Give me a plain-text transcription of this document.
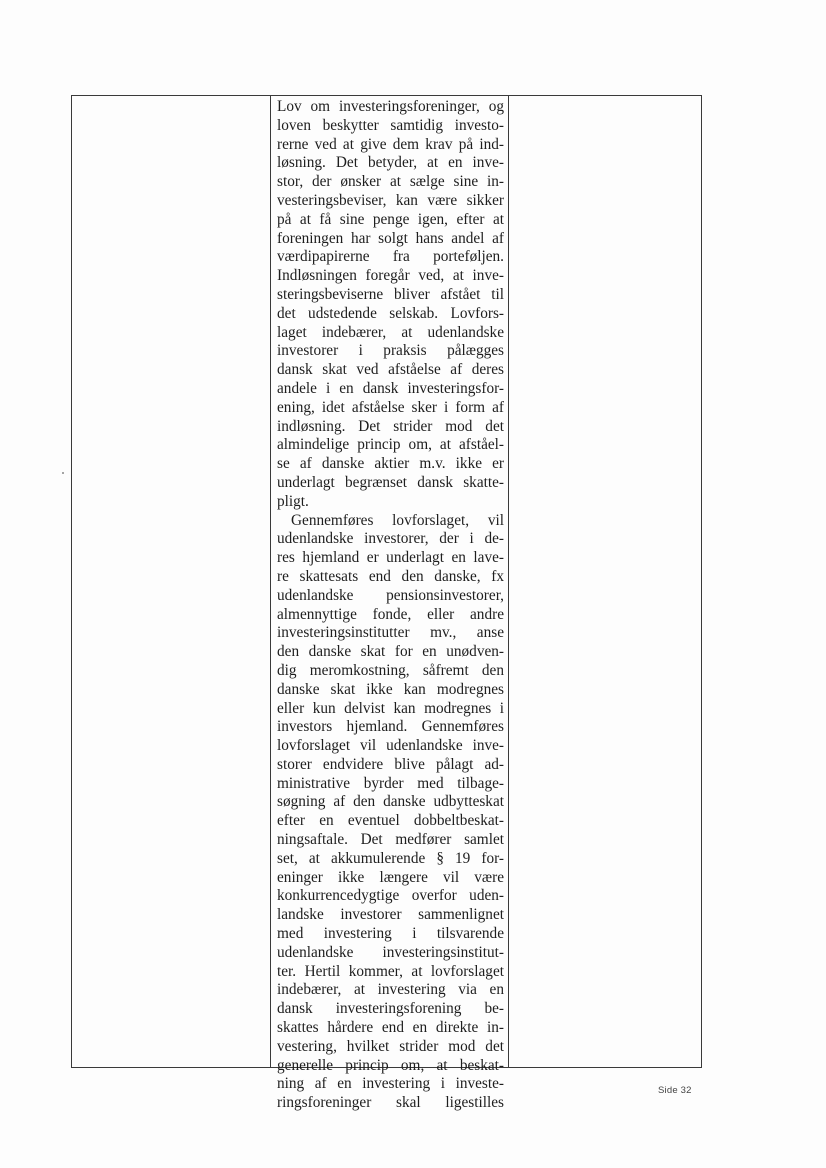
Lov om investeringsforeninger, og
loven beskytter samtidig investo-
rerne ved at give dem krav på ind-
løsning. Det betyder, at en inve-
stor, der ønsker at sælge sine in-
vesteringsbeviser, kan være sikker
på at få sine penge igen, efter at
foreningen har solgt hans andel af
værdipapirerne fra porteføljen.
Indløsningen foregår ved, at inve-
steringsbeviserne bliver afstået til
det udstedende selskab. Lovfors-
laget indebærer, at udenlandske
investorer i praksis pålægges
dansk skat ved afståelse af deres
andele i en dansk investeringsfor-
ening, idet afståelse sker i form af
indløsning. Det strider mod det
almindelige princip om, at afståel-
se af danske aktier m.v. ikke er
underlagt begrænset dansk skatte-
pligt.
Gennemføres lovforslaget, vil
udenlandske investorer, der i de-
res hjemland er underlagt en lave-
re skattesats end den danske, fx
udenlandske pensionsinvestorer,
almennyttige fonde, eller andre
investeringsinstitutter mv., anse
den danske skat for en unødven-
dig meromkostning, såfremt den
danske skat ikke kan modregnes
eller kun delvist kan modregnes i
investors hjemland. Gennemføres
lovforslaget vil udenlandske inve-
storer endvidere blive pålagt ad-
ministrative byrder med tilbage-
søgning af den danske udbytteskat
efter en eventuel dobbeltbeskat-
ningsaftale. Det medfører samlet
set, at akkumulerende § 19 for-
eninger ikke længere vil være
konkurrencedygtige overfor uden-
landske investorer sammenlignet
med investering i tilsvarende
udenlandske investeringsinstitut-
ter. Hertil kommer, at lovforslaget
indebærer, at investering via en
dansk investeringsforening be-
skattes hårdere end en direkte in-
vestering, hvilket strider mod det
generelle princip om, at beskat-
ning af en investering i investe-
ringsforeninger skal ligestilles
Side 32
